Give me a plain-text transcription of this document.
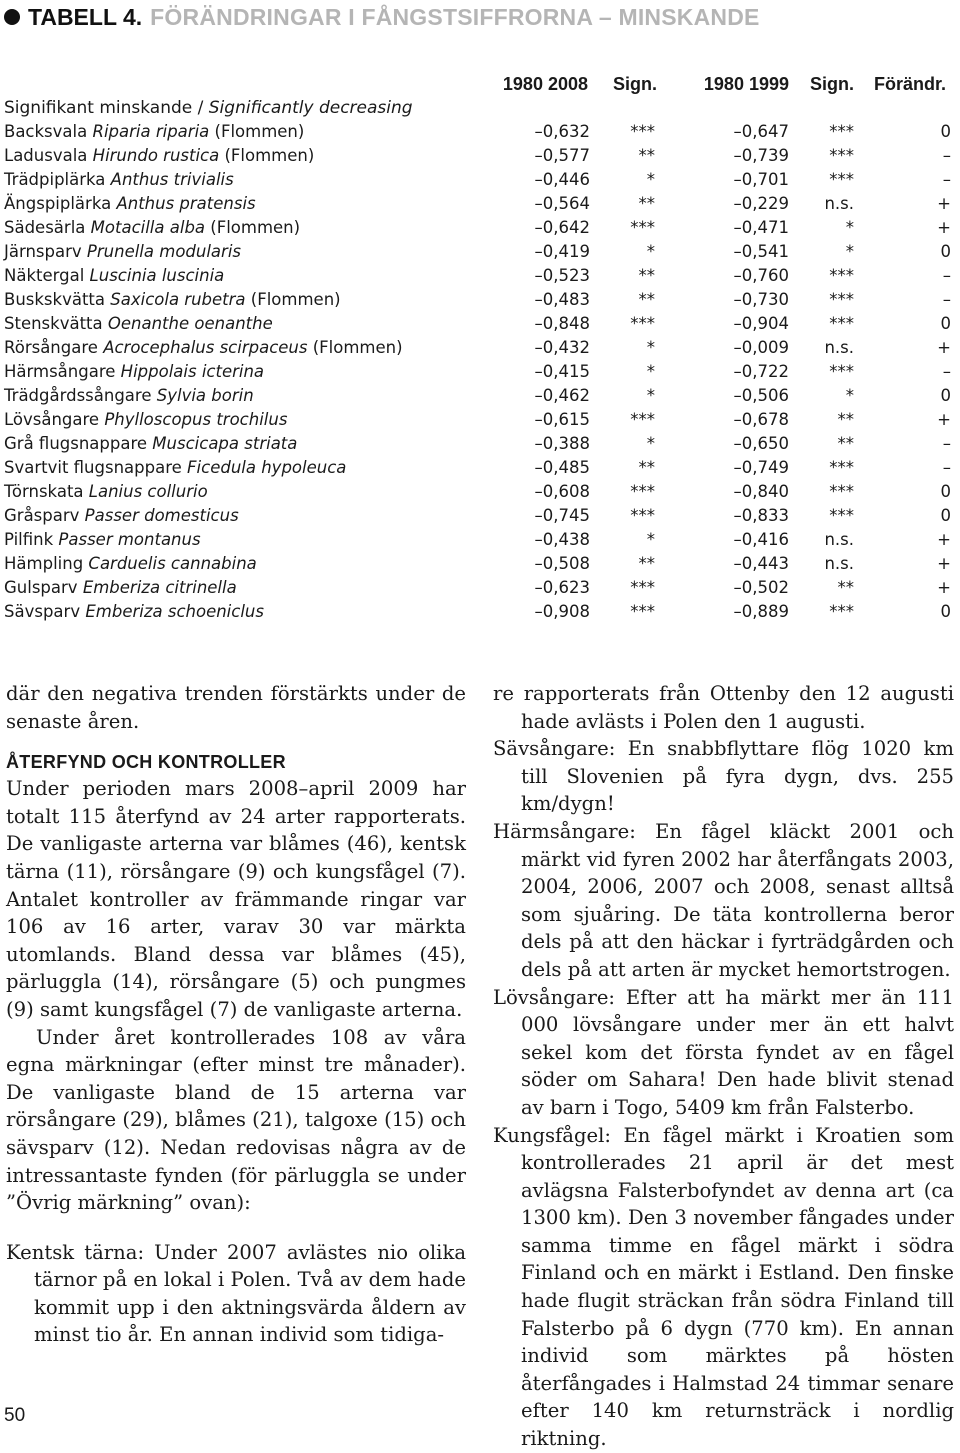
TABELL 4. FÖRÄNDRINGAR I FÅNGSTSIFFRORNA – MINSKANDE
1980 2008 Sign.	1980 1999 Sign. Förändr.
Signifikant minskande / Significantly decreasing
Backsvala Riparia riparia (Flommen)	–0,632 ***	–0,647 ***	0
Ladusvala Hirundo rustica (Flommen)	–0,577	**	–0,739 ***	–
Trädpiplärka Anthus trivialis	–0,446	*	–0,701 ***	–
Ängspiplärka Anthus pratensis	–0,564	**	–0,229 n.s.	+
Sädesärla Motacilla alba (Flommen)	–0,642 ***	–0,471	*	+
Järnsparv Prunella modularis	–0,419	*	–0,541	*	0
Näktergal Luscinia luscinia	–0,523	**	–0,760 ***	–
Buskskvätta Saxicola rubetra (Flommen)	–0,483	**	–0,730 ***	–
Stenskvätta Oenanthe oenanthe	–0,848 ***	–0,904 ***	0
Rörsångare Acrocephalus scirpaceus (Flommen)	–0,432	*	–0,009 n.s.	+
Härmsångare Hippolais icterina	–0,415	*	–0,722 ***	–
Trädgårdssångare Sylvia borin	–0,462	*	–0,506	*	0
Lövsångare Phylloscopus trochilus	–0,615 ***	–0,678	**	+
Grå flugsnappare Muscicapa striata	–0,388	*	–0,650	**	–
Svartvit flugsnappare Ficedula hypoleuca	–0,485	**	–0,749 ***	–
Törnskata Lanius collurio	–0,608 ***	–0,840 ***	0
Gråsparv Passer domesticus	–0,745 ***	–0,833 ***	0
Pilfink Passer montanus	–0,438	*	–0,416 n.s.	+
Hämpling Carduelis cannabina	–0,508	**	–0,443 n.s.	+
Gulsparv Emberiza citrinella	–0,623 ***	–0,502	**	+
Sävsparv Emberiza schoeniclus	–0,908 ***	–0,889 ***	0

där den negativa trenden förstärkts under de senaste åren.

ÅTERFYND OCH KONTROLLER

Under perioden mars 2008–april 2009 har totalt 115 återfynd av 24 arter rapporterats. De vanligaste arterna var blåmes (46), kentsk tärna (11), rörsångare (9) och kungsfågel (7). Antalet kontroller av främmande ringar var 106 av 16 arter, varav 30 var märkta utomlands. Bland dessa var blåmes (45), pärluggla (14), rörsångare (5) och pungmes (9) samt kungsfågel (7) de vanligaste arterna.

Under året kontrollerades 108 av våra egna märkningar (efter minst tre månader). De vanligaste bland de 15 arterna var rörsångare (29), blåmes (21), talgoxe (15) och sävsparv (12). Nedan redovisas några av de intressantaste fynden (för pärluggla se under ”Övrig märkning” ovan):

Kentsk tärna: Under 2007 avlästes nio olika tärnor på en lokal i Polen. Två av dem hade kommit upp i den aktningsvärda åldern av minst tio år. En annan individ som tidiga-

re rapporterats från Ottenby den 12 augusti hade avlästs i Polen den 1 augusti.

Sävsångare: En snabbflyttare flög 1020 km till Slovenien på fyra dygn, dvs. 255 km/dygn!

Härmsångare: En fågel kläckt 2001 och märkt vid fyren 2002 har återfångats 2003, 2004, 2006, 2007 och 2008, senast alltså som sjuåring. De täta kontrollerna beror dels på att den häckar i fyrträdgården och dels på att arten är mycket hemortstrogen.

Lövsångare: Efter att ha märkt mer än 111 000 lövsångare under mer än ett halvt sekel kom det första fyndet av en fågel söder om Sahara! Den hade blivit stenad av barn i Togo, 5409 km från Falsterbo.

Kungsfågel: En fågel märkt i Kroatien som kontrollerades 21 april är det mest avlägsna Falsterbofyndet av denna art (ca 1300 km). Den 3 november fångades under samma timme en fågel märkt i södra Finland och en märkt i Estland. Den finske hade flugit sträckan från södra Finland till Falsterbo på 6 dygn (770 km). En annan individ som märktes på hösten återfångades i Halmstad 24 timmar senare efter 140 km returnsträck i nordlig riktning.

50
